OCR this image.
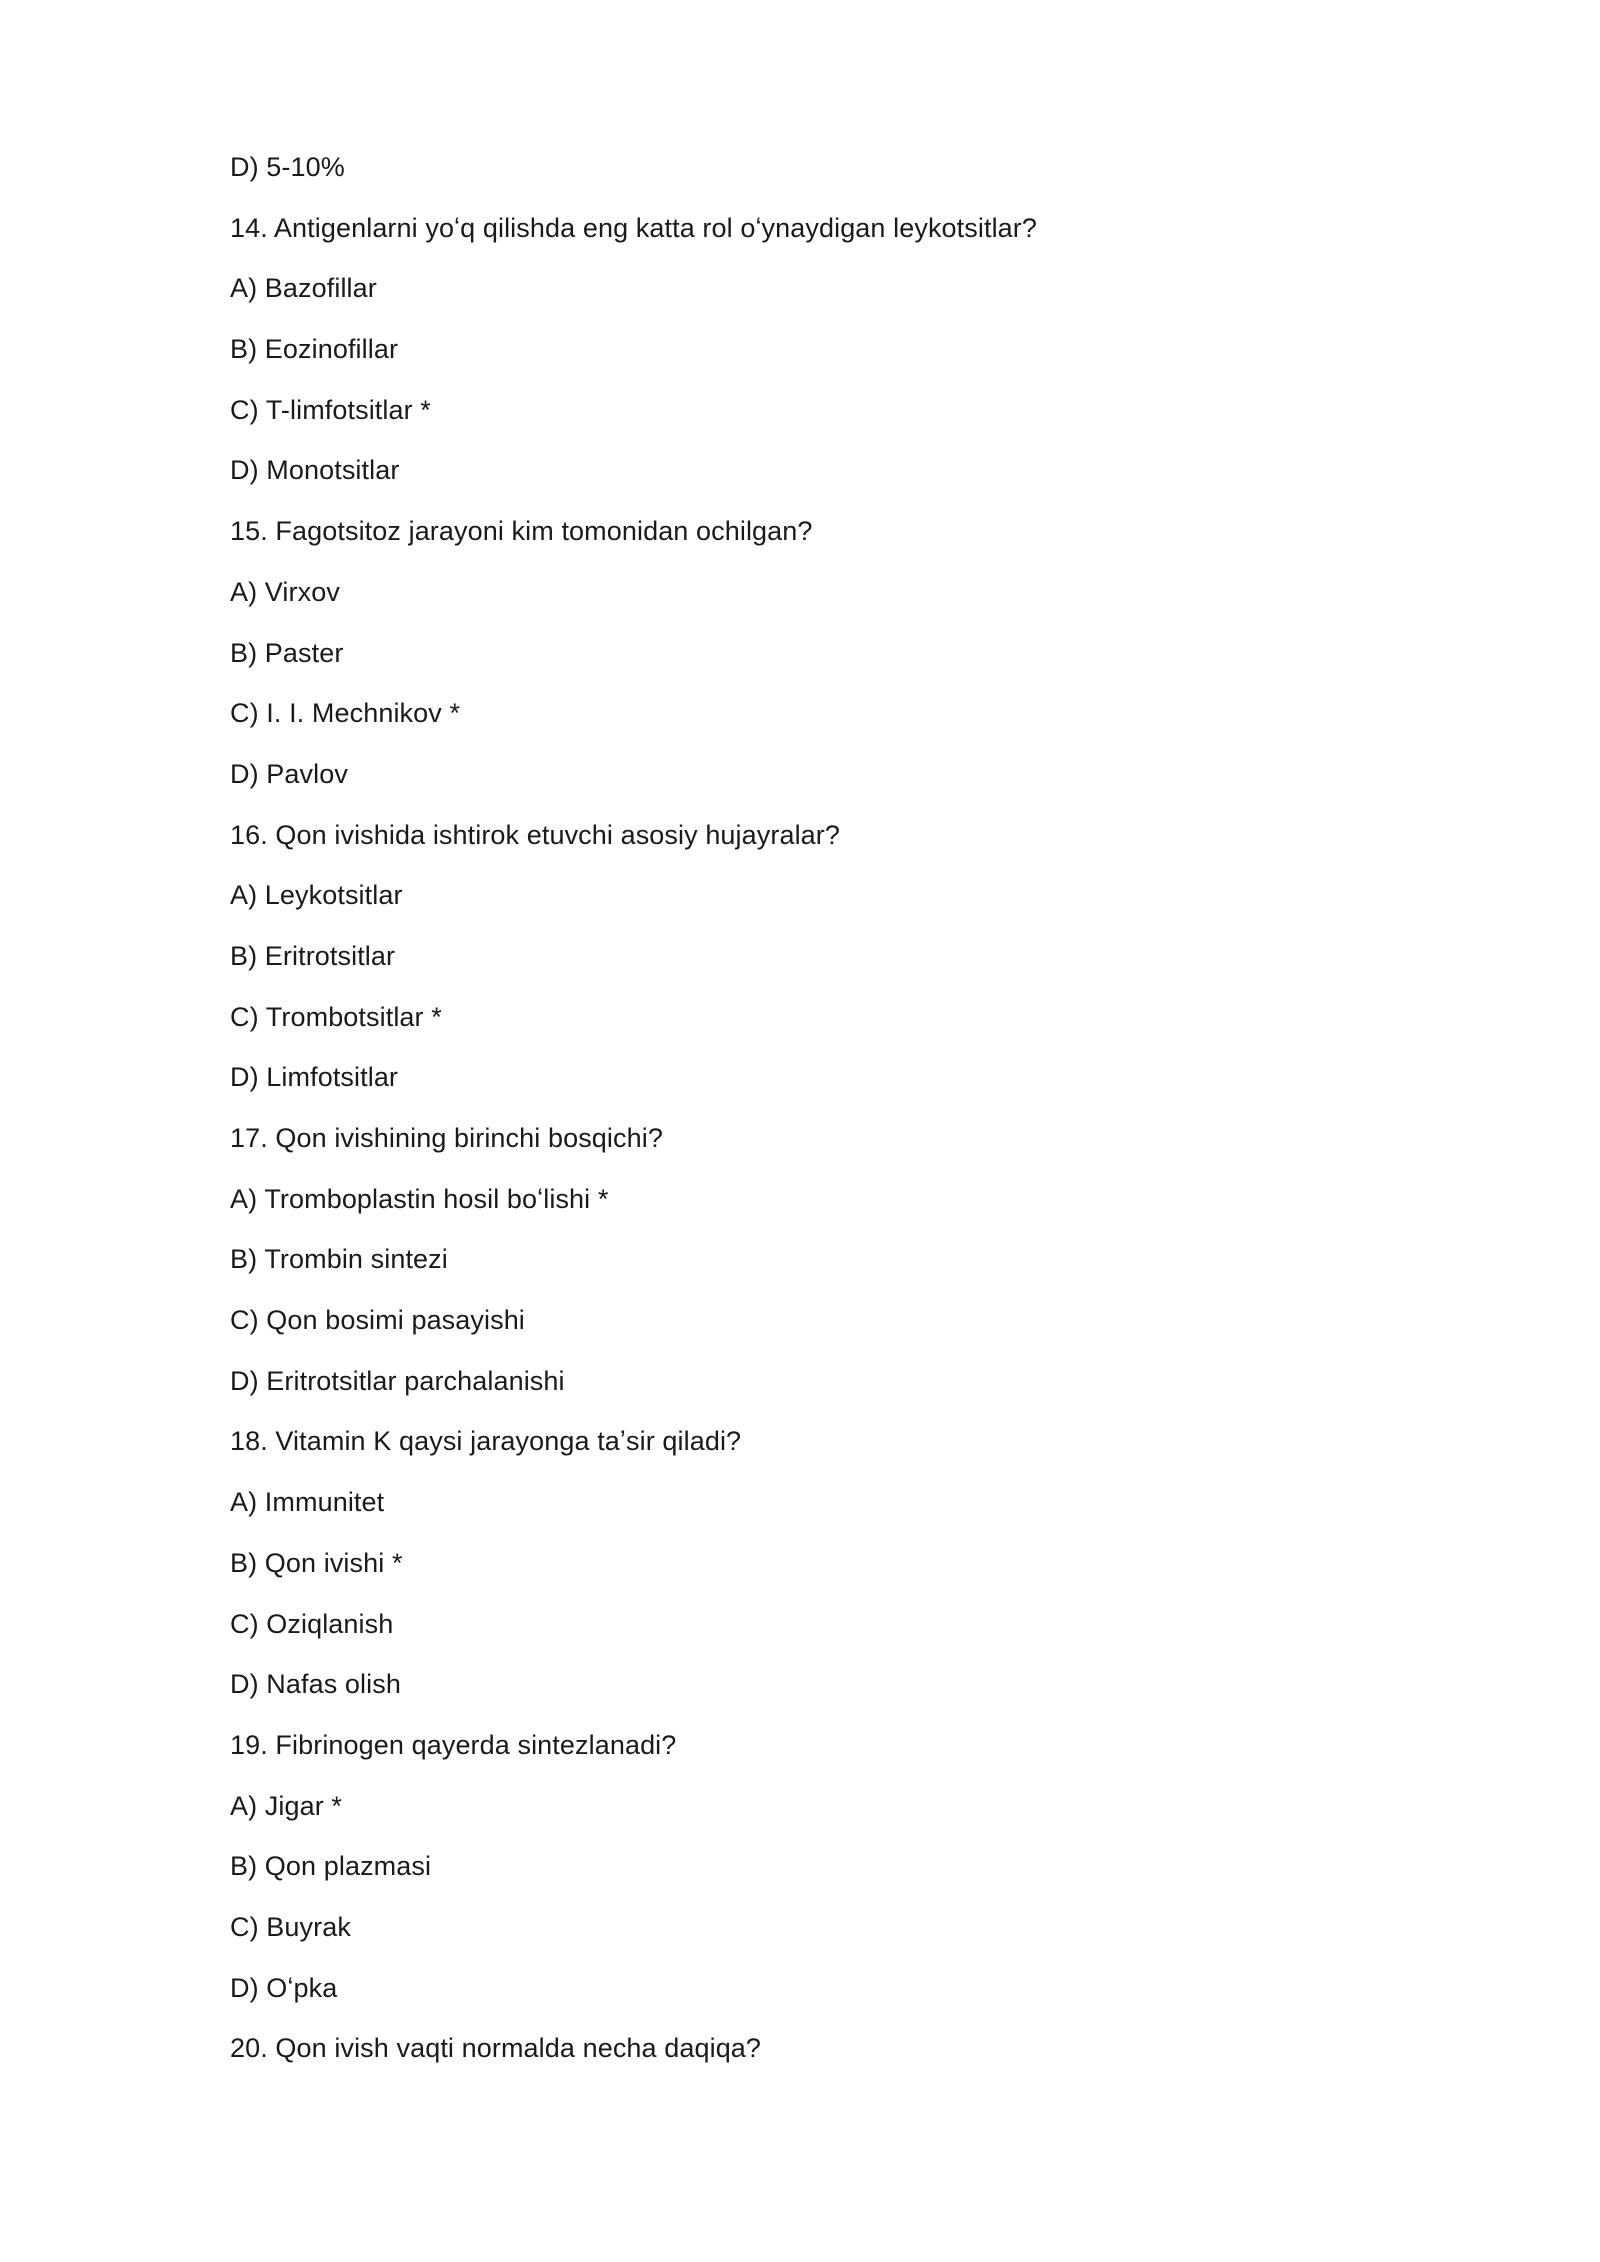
D) 5-10%
14. Antigenlarni yoʻq qilishda eng katta rol oʻynaydigan leykotsitlar?
A) Bazofillar
B) Eozinofillar
C) T-limfotsitlar *
D) Monotsitlar
15. Fagotsitoz jarayoni kim tomonidan ochilgan?
A) Virxov
B) Paster
C) I. I. Mechnikov *
D) Pavlov
16. Qon ivishida ishtirok etuvchi asosiy hujayralar?
A) Leykotsitlar
B) Eritrotsitlar
C) Trombotsitlar *
D) Limfotsitlar
17. Qon ivishining birinchi bosqichi?
A) Tromboplastin hosil boʻlishi *
B) Trombin sintezi
C) Qon bosimi pasayishi
D) Eritrotsitlar parchalanishi
18. Vitamin K qaysi jarayonga taʼsir qiladi?
A) Immunitet
B) Qon ivishi *
C) Oziqlanish
D) Nafas olish
19. Fibrinogen qayerda sintezlanadi?
A) Jigar *
B) Qon plazmasi
C) Buyrak
D) Oʻpka
20. Qon ivish vaqti normalda necha daqiqa?
